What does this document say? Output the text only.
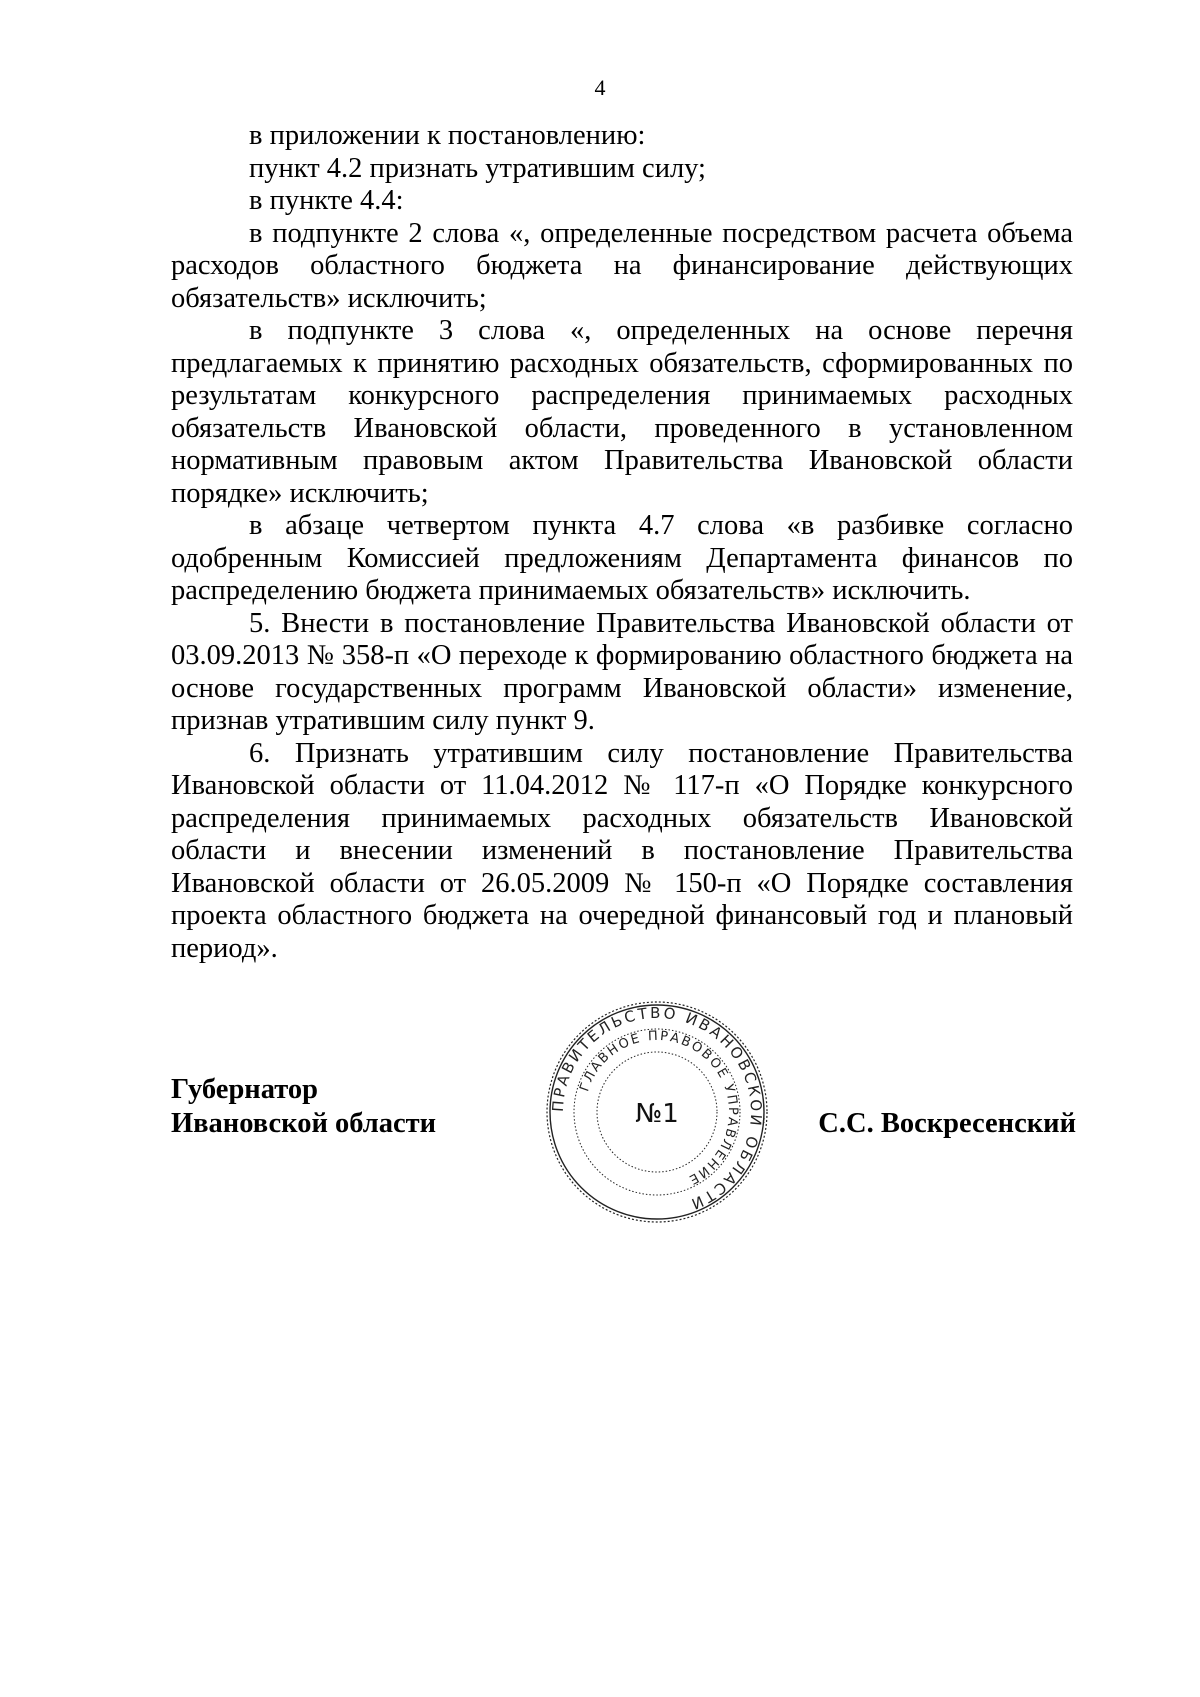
4

в приложении к постановлению:

пункт 4.2 признать утратившим силу;

в пункте 4.4:

в подпункте 2 слова «, определенные посредством расчета объема расходов областного бюджета на финансирование действующих обязательств» исключить;

в подпункте 3 слова «, определенных на основе перечня предлагаемых к принятию расходных обязательств, сформированных по результатам конкурсного распределения принимаемых расходных обязательств Ивановской области, проведенного в установленном нормативным правовым актом Правительства Ивановской области порядке» исключить;

в абзаце четвертом пункта 4.7 слова «в разбивке согласно одобренным Комиссией предложениям Департамента финансов по распределению бюджета принимаемых обязательств» исключить.

5. Внести в постановление Правительства Ивановской области от 03.09.2013 № 358-п «О переходе к формированию областного бюджета на основе государственных программ Ивановской области» изменение, признав утратившим силу пункт 9.

6. Признать утратившим силу постановление Правительства Ивановской области от 11.04.2012 № 117-п «О Порядке конкурсного распределения принимаемых расходных обязательств Ивановской области и внесении изменений в постановление Правительства Ивановской области от 26.05.2009 № 150-п «О Порядке составления проекта областного бюджета на очередной финансовый год и плановый период».

Губернатор
Ивановской области
ПРАВИТЕЛЬСТВО ИВАНОВСКОЙ ОБЛАСТИ
ГЛАВНОЕ ПРАВОВОЕ УПРАВЛЕНИЕ
№1	С.С. Воскресенский
